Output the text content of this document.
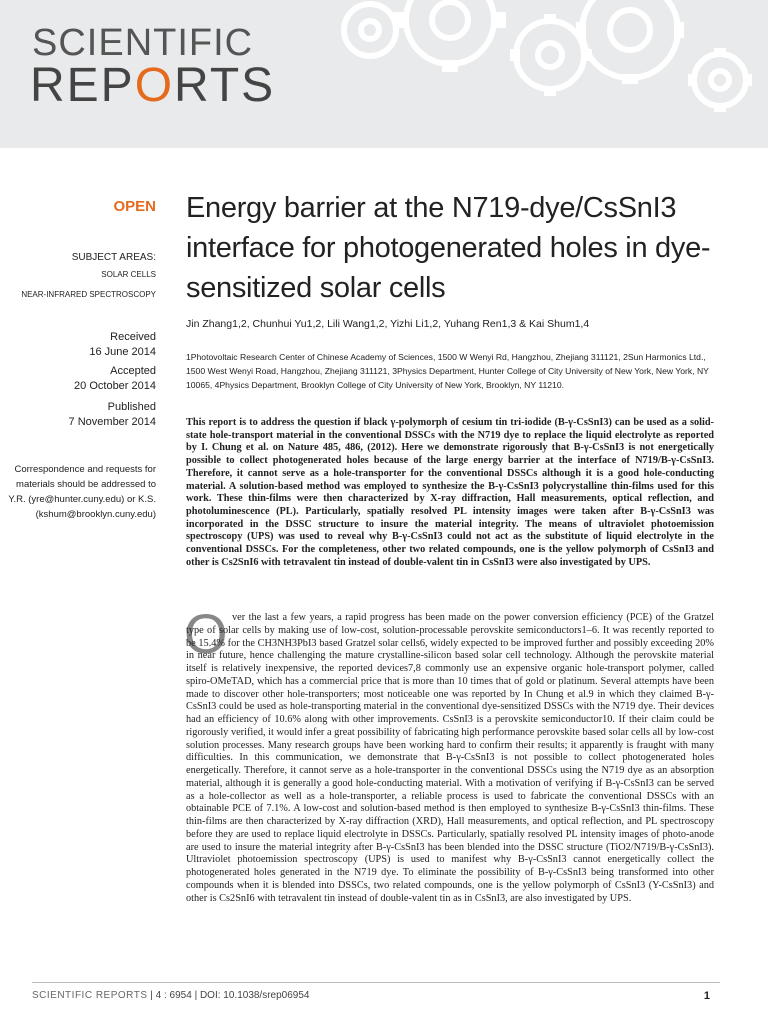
SCIENTIFIC
REPORTS
OPEN
SUBJECT AREAS:
SOLAR CELLS
NEAR-INFRARED SPECTROSCOPY
Received
16 June 2014
Accepted
20 October 2014
Published
7 November 2014
Correspondence and requests for materials should be addressed to Y.R. (yre@hunter.cuny.edu) or K.S. (kshum@brooklyn.cuny.edu)
Energy barrier at the N719-dye/CsSnI3 interface for photogenerated holes in dye-sensitized solar cells
Jin Zhang1,2, Chunhui Yu1,2, Lili Wang1,2, Yizhi Li1,2, Yuhang Ren1,3 & Kai Shum1,4
1Photovoltaic Research Center of Chinese Academy of Sciences, 1500 W Wenyi Rd, Hangzhou, Zhejiang 311121, 2Sun Harmonics Ltd., 1500 West Wenyi Road, Hangzhou, Zhejiang 311121, 3Physics Department, Hunter College of City University of New York, New York, NY 10065, 4Physics Department, Brooklyn College of City University of New York, Brooklyn, NY 11210.
This report is to address the question if black γ-polymorph of cesium tin tri-iodide (B-γ-CsSnI3) can be used as a solid-state hole-transport material in the conventional DSSCs with the N719 dye to replace the liquid electrolyte as reported by I. Chung et al. on Nature 485, 486, (2012). Here we demonstrate rigorously that B-γ-CsSnI3 is not energetically possible to collect photogenerated holes because of the large energy barrier at the interface of N719/B-γ-CsSnI3. Therefore, it cannot serve as a hole-transporter for the conventional DSSCs although it is a good hole-conducting material. A solution-based method was employed to synthesize the B-γ-CsSnI3 polycrystalline thin-films used for this work. These thin-films were then characterized by X-ray diffraction, Hall measurements, optical reflection, and photoluminescence (PL). Particularly, spatially resolved PL intensity images were taken after B-γ-CsSnI3 was incorporated in the DSSC structure to insure the material integrity. The means of ultraviolet photoemission spectroscopy (UPS) was used to reveal why B-γ-CsSnI3 could not act as the substitute of liquid electrolyte in the conventional DSSCs. For the completeness, other two related compounds, one is the yellow polymorph of CsSnI3 and other is Cs2SnI6 with tetravalent tin instead of double-valent tin in CsSnI3 were also investigated by UPS.
O ver the last a few years, a rapid progress has been made on the power conversion efficiency (PCE) of the Gratzel type of solar cells by making use of low-cost, solution-processable perovskite semiconductors1–6. It was recently reported to be 15.4% for the CH3NH3PbI3 based Gratzel solar cells6, widely expected to be improved further and possibly exceeding 20% in near future, hence challenging the mature crystalline-silicon based solar cell technology. Although the perovskite material itself is relatively inexpensive, the reported devices7,8 commonly use an expensive organic hole-transport polymer, called spiro-OMeTAD, which has a commercial price that is more than 10 times that of gold or platinum. Several attempts have been made to discover other hole-transporters; most noticeable one was reported by In Chung et al.9 in which they claimed B-γ-CsSnI3 could be used as hole-transporting material in the conventional dye-sensitized DSSCs with the N719 dye. Their devices had an efficiency of 10.6% along with other improvements. CsSnI3 is a perovskite semiconductor10. If their claim could be rigorously verified, it would infer a great possibility of fabricating high performance perovskite based solar cells all by low-cost solution processes. Many research groups have been working hard to confirm their results; it apparently is fraught with many difficulties. In this communication, we demonstrate that B-γ-CsSnI3 is not possible to collect photogenerated holes energetically. Therefore, it cannot serve as a hole-transporter in the conventional DSSCs using the N719 dye as an absorption material, although it is generally a good hole-conducting material. With a motivation of verifying if B-γ-CsSnI3 can be served as a hole-collector as well as a hole-transporter, a reliable process is used to fabricate the conventional DSSCs with an obtainable PCE of 7.1%. A low-cost and solution-based method is then employed to synthesize B-γ-CsSnI3 thin-films. These thin-films are then characterized by X-ray diffraction (XRD), Hall measurements, and optical reflection, and PL spectroscopy before they are used to replace liquid electrolyte in DSSCs. Particularly, spatially resolved PL intensity images of photo-anode are used to insure the material integrity after B-γ-CsSnI3 has been blended into the DSSC structure (TiO2/N719/B-γ-CsSnI3). Ultraviolet photoemission spectroscopy (UPS) is used to manifest why B-γ-CsSnI3 cannot energetically collect the photogenerated holes generated in the N719 dye. To eliminate the possibility of B-γ-CsSnI3 being transformed into other compounds when it is blended into DSSCs, two related compounds, one is the yellow polymorph of CsSnI3 (Y-CsSnI3) and other is Cs2SnI6 with tetravalent tin instead of double-valent tin as in CsSnI3, are also investigated by UPS.
SCIENTIFIC REPORTS | 4 : 6954 | DOI: 10.1038/srep06954	1
